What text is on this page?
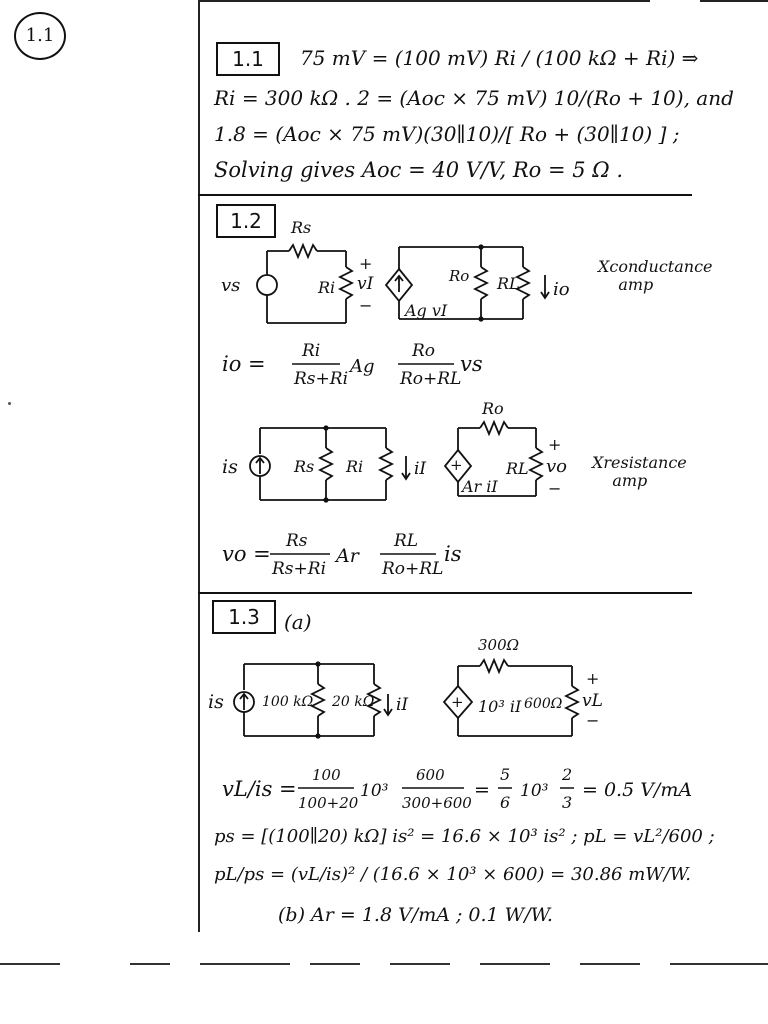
1.1
1.1	75 mV = (100 mV) Ri / (100 kΩ + Ri) ⇒
Ri = 300 kΩ . 2 = (Aoc × 75 mV) 10/(Ro + 10), and
1.8 = (Aoc × 75 mV)(30∥10)/[ Ro + (30∥10) ] ;
Solving gives Aoc = 40 V/V, Ro = 5 Ω .
1.2	Rs
vs	Ri
+
vI
− Ag vI
Ro RL io
Xconductance
amp
io =
Ri
Rs+Ri
Ag
Ro
Ro+RL
vs
is	Rs Ri	iI
Ro
+
Ar iI
RL
+
vo
−
Xresistance
amp
vo =
Rs
Rs+Ri
Ar
RL
Ro+RL
is
1.3	(a)
is	100 kΩ 20 kΩ iI
300Ω
+ 10³ iI 600Ω
+
vL
−
vL/is =
100
100+20
10³
600
300+600
=
5
6
10³
2
3
= 0.5 V/mA
ps = [(100∥20) kΩ] is² = 16.6 × 10³ is² ; pL = vL²/600 ;
pL/ps = (vL/is)² / (16.6 × 10³ × 600) = 30.86 mW/W.
(b) Ar = 1.8 V/mA ; 0.1 W/W.
